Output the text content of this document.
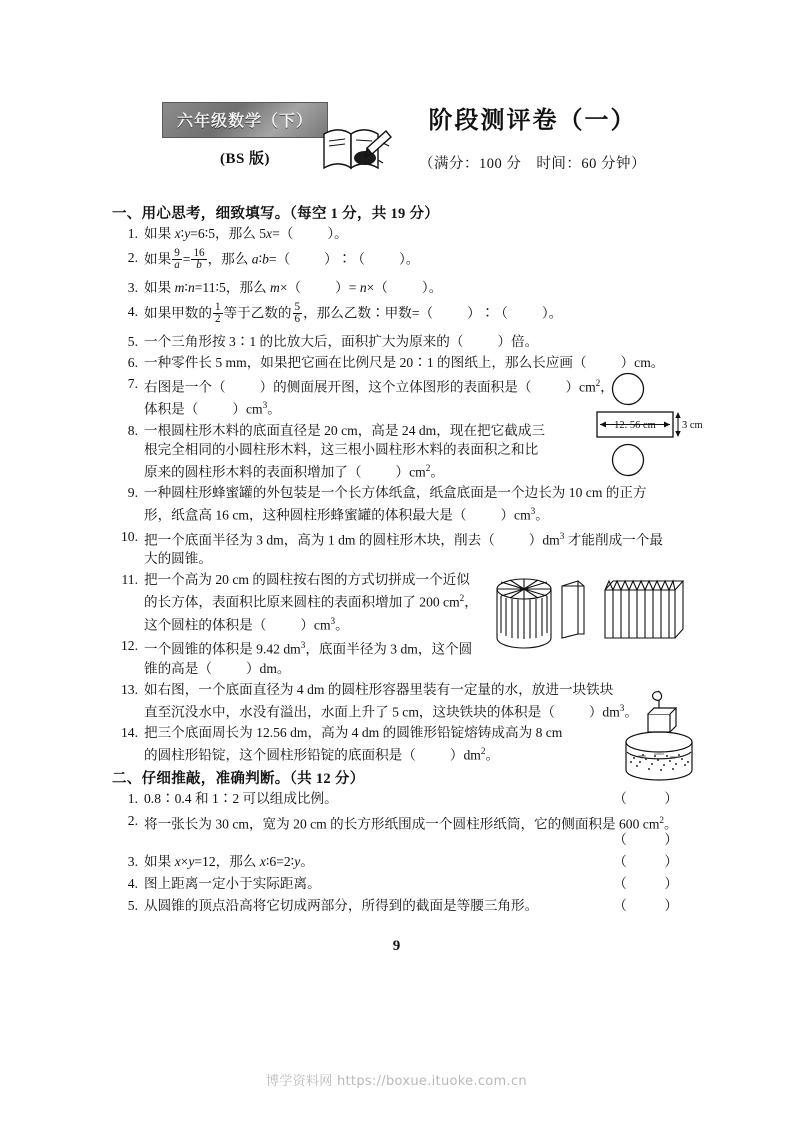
六年级数学（下）
(BS 版)
阶段测评卷（一）
（满分：100 分　时间：60 分钟）
一、用心思考，细致填写。（每空 1 分，共 19 分）
1. 如果 x∶y=6∶5，那么 5x=（	）。
2. 如果 $\frac{9}{a} = \frac{16}{b}$ ，那么 a∶b=（	）∶（	）。
3. 如果 m∶n=11∶5，那么 m×（	）= n×（	）。
4. 如果甲数的 $\frac{1}{2}$ 等于乙数的 $\frac{5}{6}$ ，那么乙数∶甲数=（	）∶（	）。
5. 一个三角形按 3∶1 的比放大后，面积扩大为原来的（	）倍。
6. 一种零件长 5 mm，如果把它画在比例尺是 20∶1 的图纸上，那么长应画（	）cm。
7. 右图是一个（	）的侧面展开图，这个立体图形的表面积是（	）$cm^2$，
体积是（	）$cm^3$。
8. 一根圆柱形木料的底面直径是 20 cm，高是 24 dm，现在把它截成三
根完全相同的小圆柱形木料，这三根小圆柱形木料的表面积之和比
原来的圆柱形木料的表面积增加了（	）$cm^2$。
9. 一种圆柱形蜂蜜罐的外包装是一个长方体纸盒，纸盒底面是一个边长为 10 cm 的正方
形，纸盒高 16 cm，这种圆柱形蜂蜜罐的体积最大是（	）$cm^3$。
10. 把一个底面半径为 3 dm，高为 1 dm 的圆柱形木块，削去（	）$dm^3$ 才能削成一个最
大的圆锥。
11. 把一个高为 20 cm 的圆柱按右图的方式切拼成一个近似
的长方体，表面积比原来圆柱的表面积增加了 200 $cm^2$，
这个圆柱的体积是（	）$cm^3$。
12. 一个圆锥的体积是 9.42 $dm^3$，底面半径为 3 dm，这个圆
锥的高是（	）dm。
13. 如右图，一个底面直径为 4 dm 的圆柱形容器里装有一定量的水，放进一块铁块
直至沉没水中，水没有溢出，水面上升了 5 cm，这块铁块的体积是（	）$dm^3$。
14. 把三个底面周长为 12.56 dm，高为 4 dm 的圆锥形铅锭熔铸成高为 8 cm
的圆柱形铅锭，这个圆柱形铅锭的底面积是（	）$dm^2$。
二、仔细推敲，准确判断。（共 12 分）
1. 0.8∶0.4 和 1∶2 可以组成比例。	（　）
2. 将一张长为 30 cm，宽为 20 cm 的长方形纸围成一个圆柱形纸筒，它的侧面积是 600 $cm^2$。
（　）
3. 如果 x×y=12，那么 x∶6=2∶y。	（　）
4. 图上距离一定小于实际距离。	（　）
5. 从圆锥的顶点沿高将它切成两部分，所得到的截面是等腰三角形。	（　）
12. 56 cm 3 cm
9
博学资料网 https://boxue.ituoke.com.cn
